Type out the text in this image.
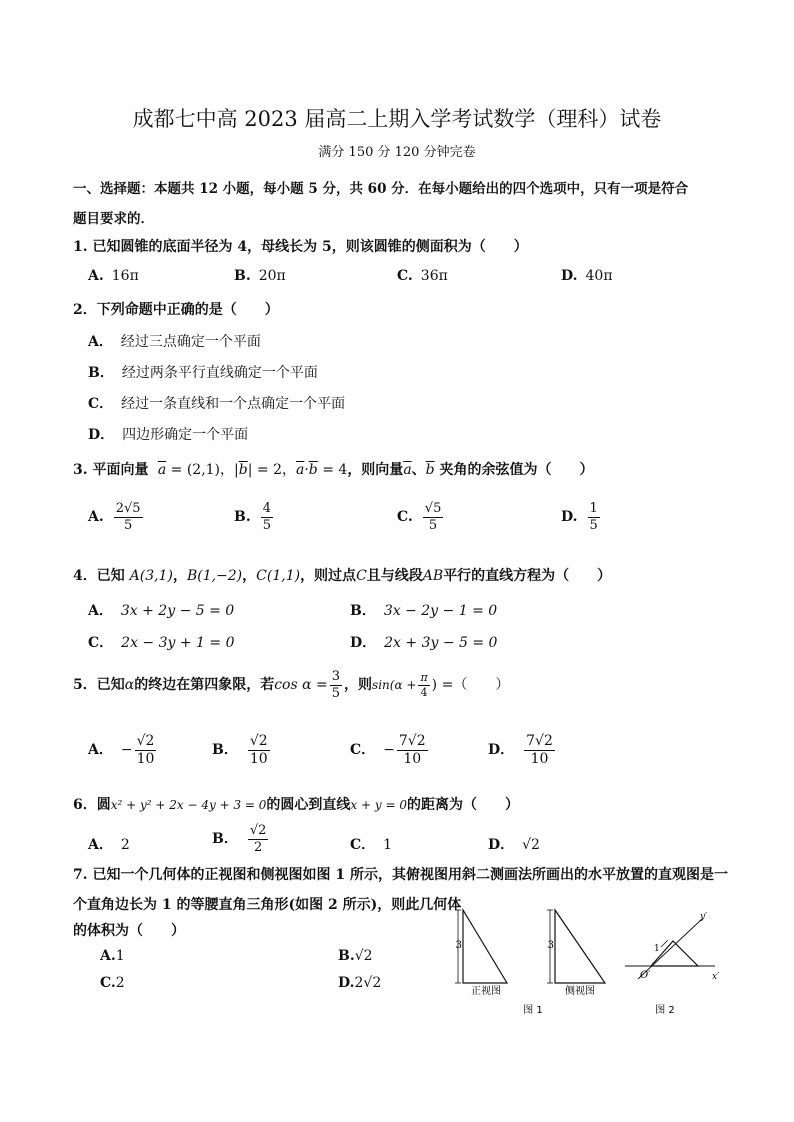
成都七中高 2023 届高二上期入学考试数学（理科）试卷
满分 150 分 120 分钟完卷
一、选择题：本题共 12 小题，每小题 5 分，共 60 分．在每小题给出的四个选项中，只有一项是符合
题目要求的．
1. 已知圆锥的底面半径为 4，母线长为 5，则该圆锥的侧面积为（　　）
A. 16π	B. 20π	C. 36π	D. 40π
2．下列命题中正确的是（　　）
A． 经过三点确定一个平面
B． 经过两条平行直线确定一个平面
C． 经过一条直线和一个点确定一个平面
D． 四边形确定一个平面
3. 平面向量 $\overline{a} = (2,1)$，$|\overline{b}| = 2$，$\overline{a}\cdot\overline{b} = 4$，则向量$\overline{a}$、$\overline{b}$ 夹角的余弦值为（　　）
A. $\frac{2√5}{5}$	B. $\frac{4}{5}$	C. $\frac{√5}{5}$	D. $\frac{1}{5}$
4．已知 A(3,1)，B(1,−2)，C(1,1)，则过点C且与线段AB平行的直线方程为（　　）
A． 3x + 2y − 5 = 0	B． 3x − 2y − 1 = 0
C． 2x − 3y + 1 = 0	D． 2x + 3y − 5 = 0
5．已知α的终边在第四象限，若$\cos \alpha = \frac{3}{5}$ ，则$\sin(\alpha + \frac{\pi}{4}$ ) =（　　）
A． − $\frac{√2}{10}$	B． $\frac{√2}{10}$	C． − $\frac{7√2}{10}$	D． $\frac{7√2}{10}$
6．圆x² + y² + 2x − 4y + 3 = 0的圆心到直线x + y = 0的距离为（　　）
A． 2	B． $\frac{√2}{2}$	C． 1	D． √2
7. 已知一个几何体的正视图和侧视图如图 1 所示，其俯视图用斜二测画法所画出的水平放置的直观图是一
个直角边长为 1 的等腰直角三角形(如图 2 所示)，则此几何体
的体积为（　　）
A.1	B.√2
C.2	D.2√2
3
正视图
3
侧视图
图 1
1
O′	x′
y′
图 2
